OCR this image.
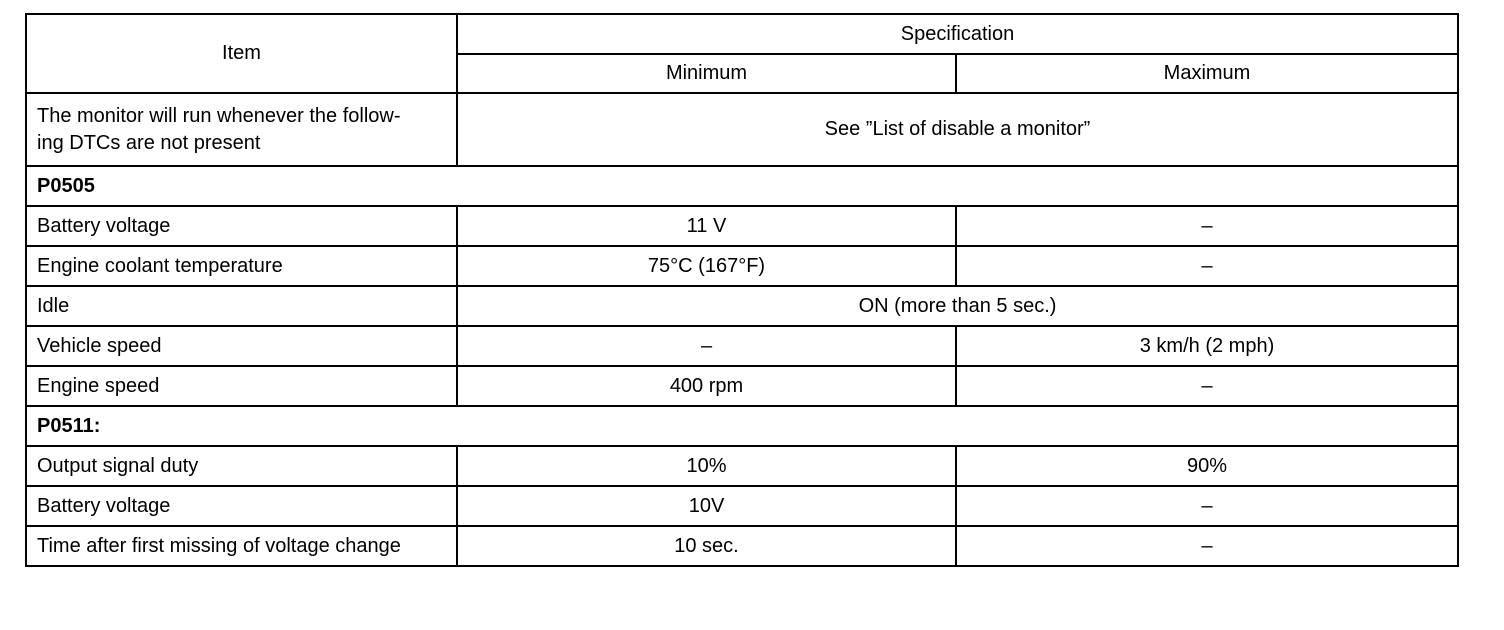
Item	Specification	
	Minimum	Maximum

The monitor will run whenever the follow-
ing DTCs are not present	See ”List of disable a monitor”	
P0505		
Battery voltage	11 V	–
Engine coolant temperature	75°C (167°F)	–
Idle	ON (more than 5 sec.)	
Vehicle speed	–	3 km/h (2 mph)
Engine speed	400 rpm	–
P0511:		
Output signal duty	10%	90%
Battery voltage	10V	–
Time after first missing of voltage change	10 sec.	–
